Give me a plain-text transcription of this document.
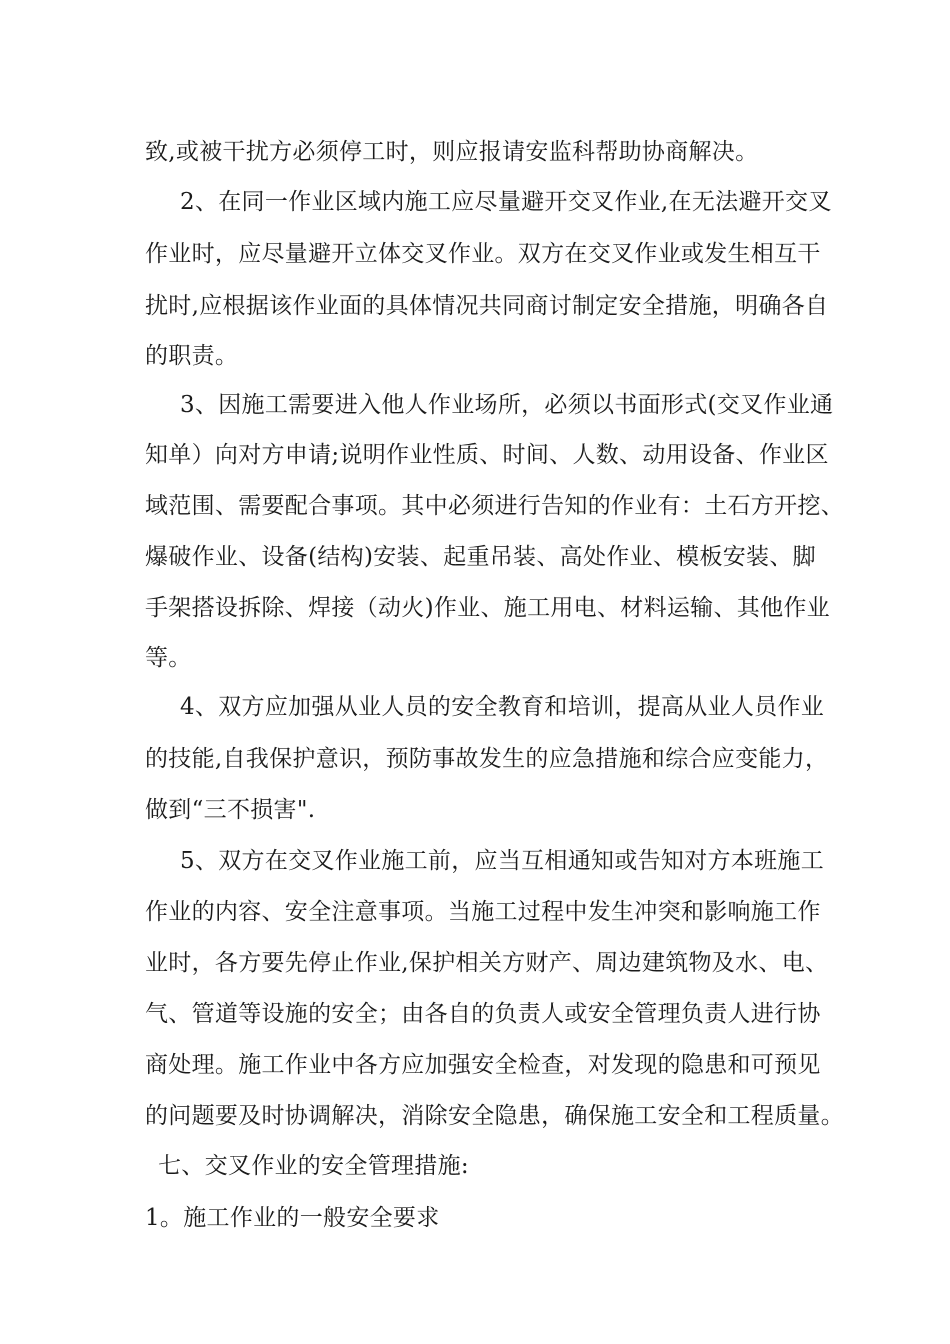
致,或被干扰方必须停工时，则应报请安监科帮助协商解决。
2、在同一作业区域内施工应尽量避开交叉作业,在无法避开交叉
作业时，应尽量避开立体交叉作业。双方在交叉作业或发生相互干
扰时,应根据该作业面的具体情况共同商讨制定安全措施，明确各自
的职责。
3、因施工需要进入他人作业场所，必须以书面形式(交叉作业通
知单）向对方申请;说明作业性质、时间、人数、动用设备、作业区
域范围、需要配合事项。其中必须进行告知的作业有：土石方开挖、
爆破作业、设备(结构)安装、起重吊装、高处作业、模板安装、脚
手架搭设拆除、焊接（动火)作业、施工用电、材料运输、其他作业
等。
4、双方应加强从业人员的安全教育和培训，提高从业人员作业
的技能,自我保护意识，预防事故发生的应急措施和综合应变能力，
做到“三不损害".
5、双方在交叉作业施工前，应当互相通知或告知对方本班施工
作业的内容、安全注意事项。当施工过程中发生冲突和影响施工作
业时，各方要先停止作业,保护相关方财产、周边建筑物及水、电、
气、管道等设施的安全；由各自的负责人或安全管理负责人进行协
商处理。施工作业中各方应加强安全检查，对发现的隐患和可预见
的问题要及时协调解决，消除安全隐患，确保施工安全和工程质量。
七、交叉作业的安全管理措施:
1。施工作业的一般安全要求
